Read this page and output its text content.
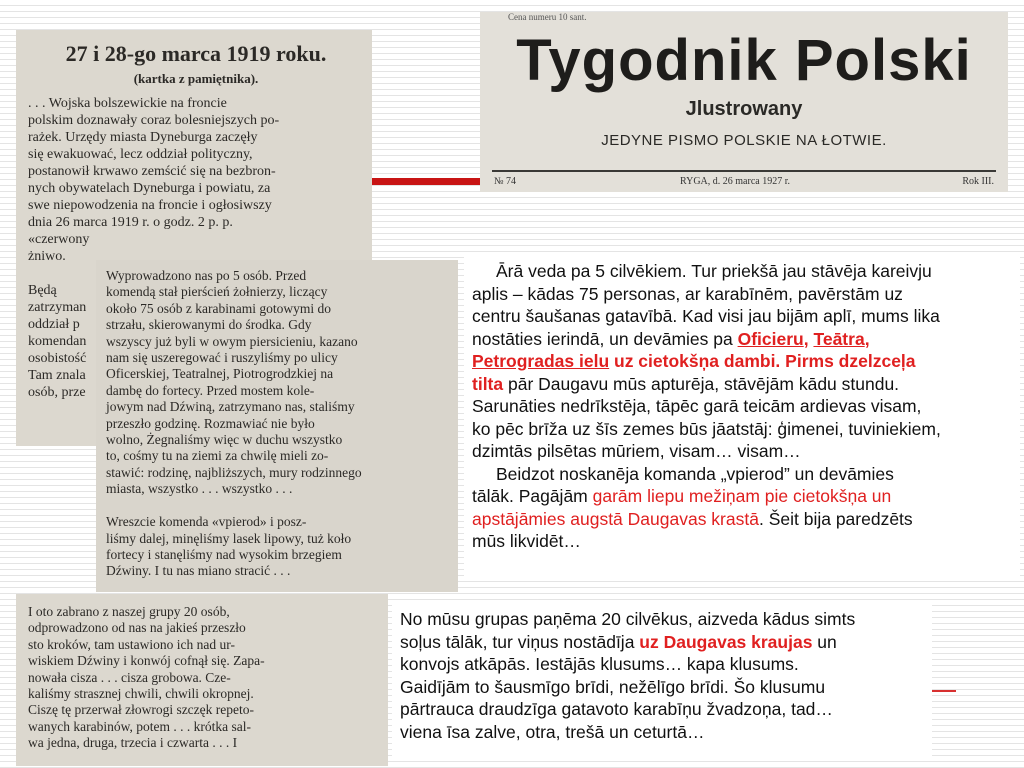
27 i 28-go marca 1919 roku.
(kartka z pamiętnika).
. . . Wojska bolszewickie na froncie
polskim doznawały coraz bolesniejszych po-
rażek. Urzędy miasta Dyneburga zaczęły
się ewakuować, lecz oddział polityczny,
postanowił krwawo zemścić się na bezbron-
nych obywatelach Dyneburga i powiatu, za
swe niepowodzenia na froncie i ogłosiwszy
dnia 26 marca 1919 r. o godz. 2 p. p.
«czerwony
żniwo.

Będą
zatrzyman
oddział p
komendan
osobistość
Tam znala
osób, prze
Cena numeru 10 sant.
Tygodnik Polski
Jlustrowany
JEDYNE PISMO POLSKIE NA ŁOTWIE.
№ 74	RYGA, d. 26 marca 1927 r.	Rok III.
Wyprowadzono nas po 5 osób. Przed
komendą stał pierścień żołnierzy, liczący
około 75 osób z karabinami gotowymi do
strzału, skierowanymi do środka. Gdy
wszyscy już byli w owym piersicieniu, kazano
nam się uszeregować i ruszyliśmy po ulicy
Oficerskiej, Teatralnej, Piotrogrodzkiej na
dambę do fortecy. Przed mostem kole-
jowym nad Dźwiną, zatrzymano nas, staliśmy
przeszło godzinę. Rozmawiać nie było
wolno, Żegnaliśmy więc w duchu wszystko
to, cośmy tu na ziemi za chwilę mieli zo-
stawić: rodzinę, najbliższych, mury rodzinnego
miasta, wszystko . . . wszystko . . .

Wreszcie komenda «vpierod» i posz-
liśmy dalej, minęliśmy lasek lipowy, tuż koło
fortecy i stanęliśmy nad wysokim brzegiem
Dźwiny. I tu nas miano stracić . . .
I oto zabrano z naszej grupy 20 osób,
odprowadzono od nas na jakieś przeszło
sto kroków, tam ustawiono ich nad ur-
wiskiem Dźwiny i konwój cofnął się. Zapa-
nowała cisza . . . cisza grobowa. Cze-
kaliśmy strasznej chwili, chwili okropnej.
Ciszę tę przerwał złowrogi szczęk repeto-
wanych karabinów, potem . . . krótka sal-
wa jedna, druga, trzecia i czwarta . . . I
Ārā veda pa 5 cilvēkiem. Tur priekšā jau stāvēja kareivju
aplis – kādas 75 personas, ar karabīnēm, pavērstām uz
centru šaušanas gatavībā. Kad visi jau bijām aplī, mums lika
nostāties ierindā, un devāmies pa Oficieru, Teātra,
Petrogradas ielu uz cietokšņa dambi. Pirms dzelzceļa
tilta pār Daugavu mūs apturēja, stāvējām kādu stundu.
Sarunāties nedrīkstēja, tāpēc garā teicām ardievas visam,
ko pēc brīža uz šīs zemes būs jāatstāj: ģimenei, tuviniekiem,
dzimtās pilsētas mūriem, visam… visam…
Beidzot noskanēja komanda „vpierod” un devāmies
tālāk. Pagājām garām liepu mežiņam pie cietokšņa un
apstājāmies augstā Daugavas krastā. Šeit bija paredzēts
mūs likvidēt…
No mūsu grupas paņēma 20 cilvēkus, aizveda kādus simts
soļus tālāk, tur viņus nostādīja uz Daugavas kraujas un
konvojs atkāpās. Iestājās klusums… kapa klusums.
Gaidījām to šausmīgo brīdi, nežēlīgo brīdi. Šo klusumu
pārtrauca draudzīga gatavoto karabīņu žvadzoņa, tad…
viena īsa zalve, otra, trešā un ceturtā…
